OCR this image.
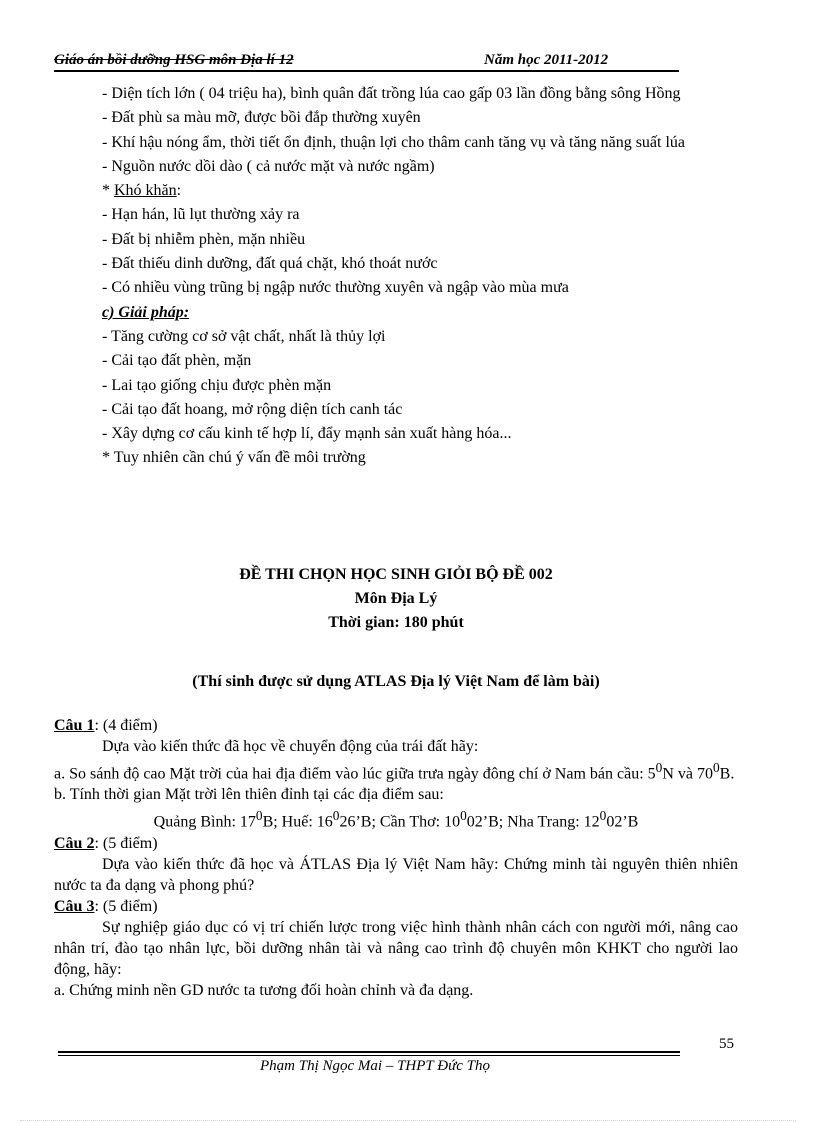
Giáo án bồi dưỡng HSG môn Địa lí 12	Năm học 2011-2012

- Diện tích lớn ( 04 triệu ha), bình quân đất trồng lúa cao gấp 03 lần đồng bằng sông Hồng

- Đất phù sa màu mỡ, được bồi đắp thường xuyên

- Khí hậu nóng ẩm, thời tiết ổn định, thuận lợi cho thâm canh tăng vụ và tăng năng suất lúa

- Nguồn nước dồi dào ( cả nước mặt và nước ngầm)

* Khó khăn:

- Hạn hán, lũ lụt thường xảy ra

- Đất bị nhiễm phèn, mặn nhiều

- Đất thiếu dinh dưỡng, đất quá chặt, khó thoát nước

- Có nhiều vùng trũng bị ngập nước thường xuyên và ngập vào mùa mưa

c) Giải pháp:

- Tăng cường cơ sở vật chất, nhất là thủy lợi

- Cải tạo đất phèn, mặn

- Lai tạo giống chịu được phèn mặn

- Cải tạo đất hoang, mở rộng diện tích canh tác

- Xây dựng cơ cấu kinh tế hợp lí, đẩy mạnh sản xuất hàng hóa...

* Tuy nhiên cần chú ý vấn đề môi trường

ĐỀ THI CHỌN HỌC SINH GIỎI BỘ ĐỀ 002

Môn Địa Lý

Thời gian: 180 phút

(Thí sinh được sử dụng ATLAS Địa lý Việt Nam để làm bài)
Câu 1: (4 điểm)
Dựa vào kiến thức đã học về chuyển động của trái đất hãy:
a. So sánh độ cao Mặt trời của hai địa điểm vào lúc giữa trưa ngày đông chí ở Nam bán cầu: $5^0N$ và $70^0B$.
b. Tính thời gian Mặt trời lên thiên đỉnh tại các địa điểm sau:
Quảng Bình: $17^0B$; Huế: $16^026’B$; Cần Thơ: $10^002’B$; Nha Trang: $12^002’B$
Câu 2: (5 điểm)
Dựa vào kiến thức đã học và ÁTLAS Địa lý Việt Nam hãy: Chứng minh tài nguyên thiên nhiên nước ta đa dạng và phong phú?
Câu 3: (5 điểm)
Sự nghiệp giáo dục có vị trí chiến lược trong việc hình thành nhân cách con người mới, nâng cao nhân trí, đào tạo nhân lực, bồi dưỡng nhân tài và nâng cao trình độ chuyên môn KHKT cho người lao động, hãy:
a. Chứng minh nền GD nước ta tương đối hoàn chỉnh và đa dạng.
55
Phạm Thị Ngọc Mai – THPT Đức Thọ
